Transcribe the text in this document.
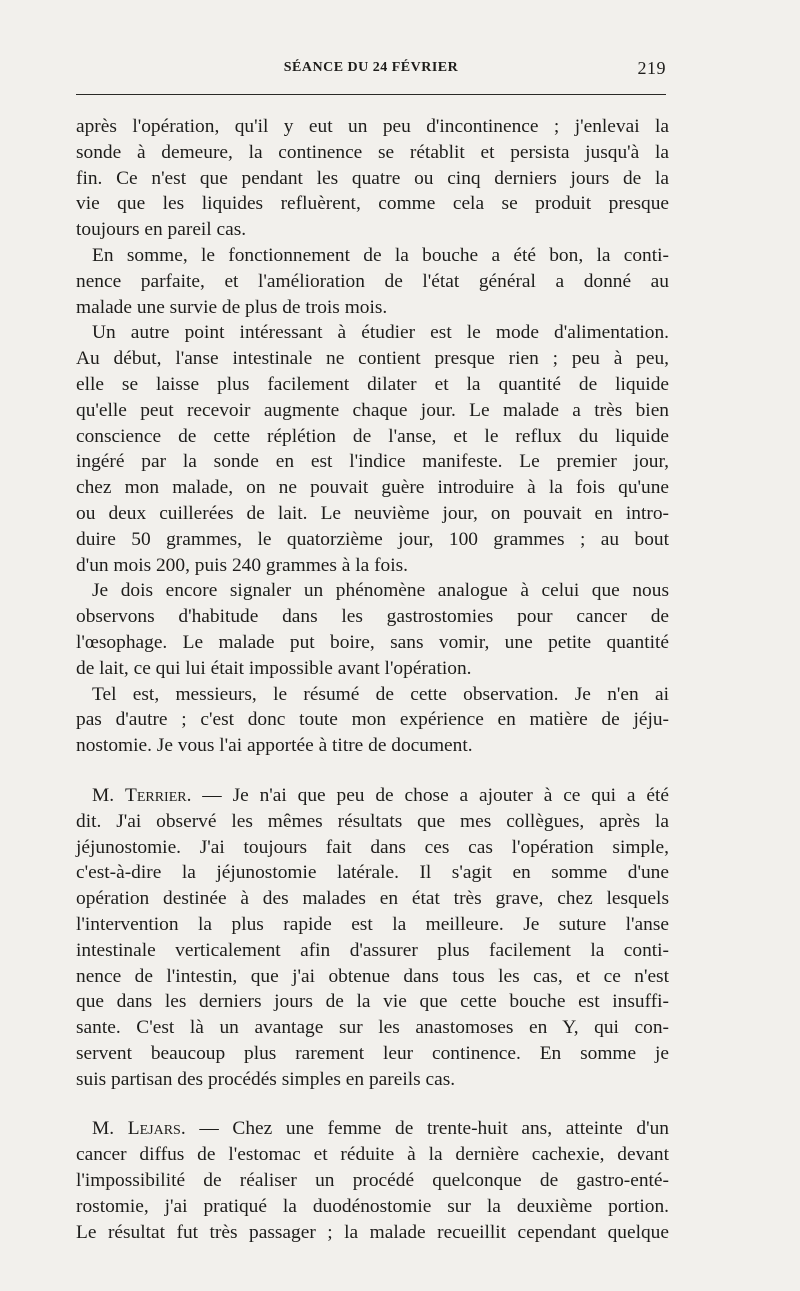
SÉANCE DU 24 FÉVRIER	219
après l'opération, qu'il y eut un peu d'incontinence ; j'enlevai la
sonde à demeure, la continence se rétablit et persista jusqu'à la
fin. Ce n'est que pendant les quatre ou cinq derniers jours de la
vie que les liquides refluèrent, comme cela se produit presque
toujours en pareil cas.
En somme, le fonctionnement de la bouche a été bon, la conti-
nence parfaite, et l'amélioration de l'état général a donné au
malade une survie de plus de trois mois.
Un autre point intéressant à étudier est le mode d'alimentation.
Au début, l'anse intestinale ne contient presque rien ; peu à peu,
elle se laisse plus facilement dilater et la quantité de liquide
qu'elle peut recevoir augmente chaque jour. Le malade a très bien
conscience de cette réplétion de l'anse, et le reflux du liquide
ingéré par la sonde en est l'indice manifeste. Le premier jour,
chez mon malade, on ne pouvait guère introduire à la fois qu'une
ou deux cuillerées de lait. Le neuvième jour, on pouvait en intro-
duire 50 grammes, le quatorzième jour, 100 grammes ; au bout
d'un mois 200, puis 240 grammes à la fois.
Je dois encore signaler un phénomène analogue à celui que nous
observons d'habitude dans les gastrostomies pour cancer de
l'œsophage. Le malade put boire, sans vomir, une petite quantité
de lait, ce qui lui était impossible avant l'opération.
Tel est, messieurs, le résumé de cette observation. Je n'en ai
pas d'autre ; c'est donc toute mon expérience en matière de jéju-
nostomie. Je vous l'ai apportée à titre de document.
M. Terrier. — Je n'ai que peu de chose a ajouter à ce qui a été
dit. J'ai observé les mêmes résultats que mes collègues, après la
jéjunostomie. J'ai toujours fait dans ces cas l'opération simple,
c'est-à-dire la jéjunostomie latérale. Il s'agit en somme d'une
opération destinée à des malades en état très grave, chez lesquels
l'intervention la plus rapide est la meilleure. Je suture l'anse
intestinale verticalement afin d'assurer plus facilement la conti-
nence de l'intestin, que j'ai obtenue dans tous les cas, et ce n'est
que dans les derniers jours de la vie que cette bouche est insuffi-
sante. C'est là un avantage sur les anastomoses en Y, qui con-
servent beaucoup plus rarement leur continence. En somme je
suis partisan des procédés simples en pareils cas.
M. Lejars. — Chez une femme de trente-huit ans, atteinte d'un
cancer diffus de l'estomac et réduite à la dernière cachexie, devant
l'impossibilité de réaliser un procédé quelconque de gastro-enté-
rostomie, j'ai pratiqué la duodénostomie sur la deuxième portion.
Le résultat fut très passager ; la malade recueillit cependant quelque
